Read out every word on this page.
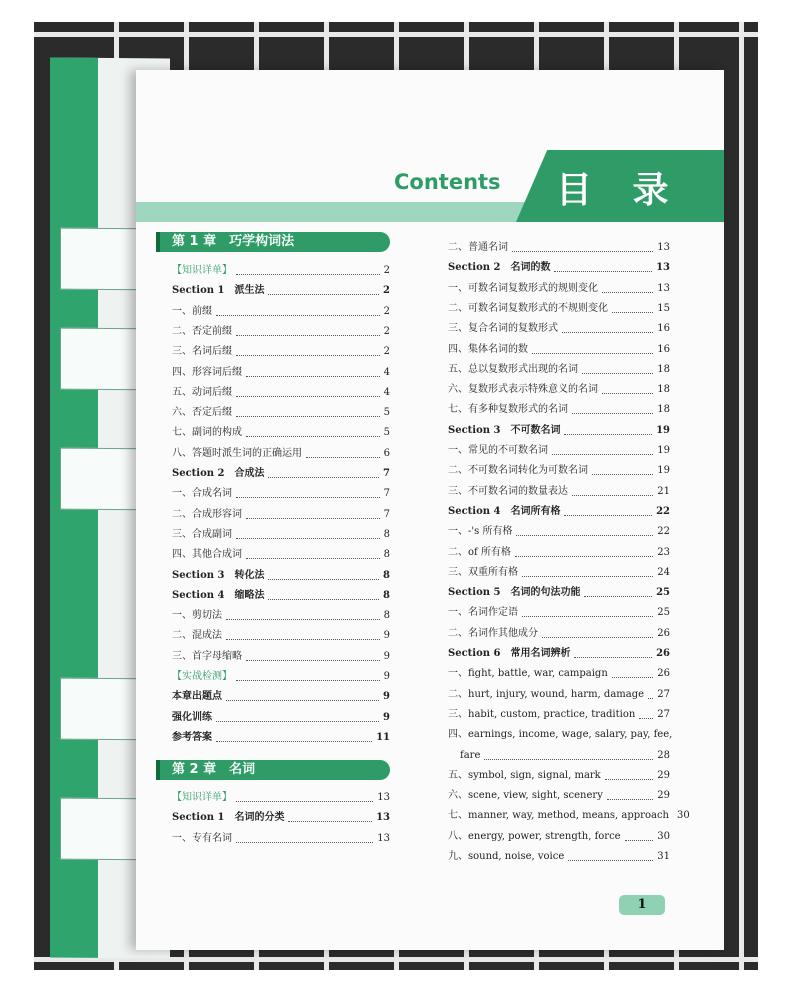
Contents 目 录
第 1 章　巧学构词法
【知识详单】	2
Section 1　派生法	2
一、前缀	2
二、否定前缀	2
三、名词后缀	2
四、形容词后缀	4
五、动词后缀	4
六、否定后缀	5
七、副词的构成	5
八、答题时派生词的正确运用	6
Section 2　合成法	7
一、合成名词	7
二、合成形容词	7
三、合成副词	8
四、其他合成词	8
Section 3　转化法	8
Section 4　缩略法	8
一、剪切法	8
二、混成法	9
三、首字母缩略	9
【实战检测】	9
本章出题点	9
强化训练	9
参考答案	11
第 2 章　名词
【知识详单】	13
Section 1　名词的分类	13
一、专有名词	13
二、普通名词	13
Section 2　名词的数	13
一、可数名词复数形式的规则变化	13
二、可数名词复数形式的不规则变化	15
三、复合名词的复数形式	16
四、集体名词的数	16
五、总以复数形式出现的名词	18
六、复数形式表示特殊意义的名词	18
七、有多种复数形式的名词	18
Section 3　不可数名词	19
一、常见的不可数名词	19
二、不可数名词转化为可数名词	19
三、不可数名词的数量表达	21
Section 4　名词所有格	22
一、-'s 所有格	22
二、of 所有格	23
三、双重所有格	24
Section 5　名词的句法功能	25
一、名词作定语	25
二、名词作其他成分	26
Section 6　常用名词辨析	26
一、fight, battle, war, campaign	26
二、hurt, injury, wound, harm, damage 27
三、habit, custom, practice, tradition 27
四、earnings, income, wage, salary, pay, fee,
fare	28
五、symbol, sign, signal, mark	29
六、scene, view, sight, scenery	29
七、manner, way, method, means, approach 30
八、energy, power, strength, force	30
九、sound, noise, voice	31
1
